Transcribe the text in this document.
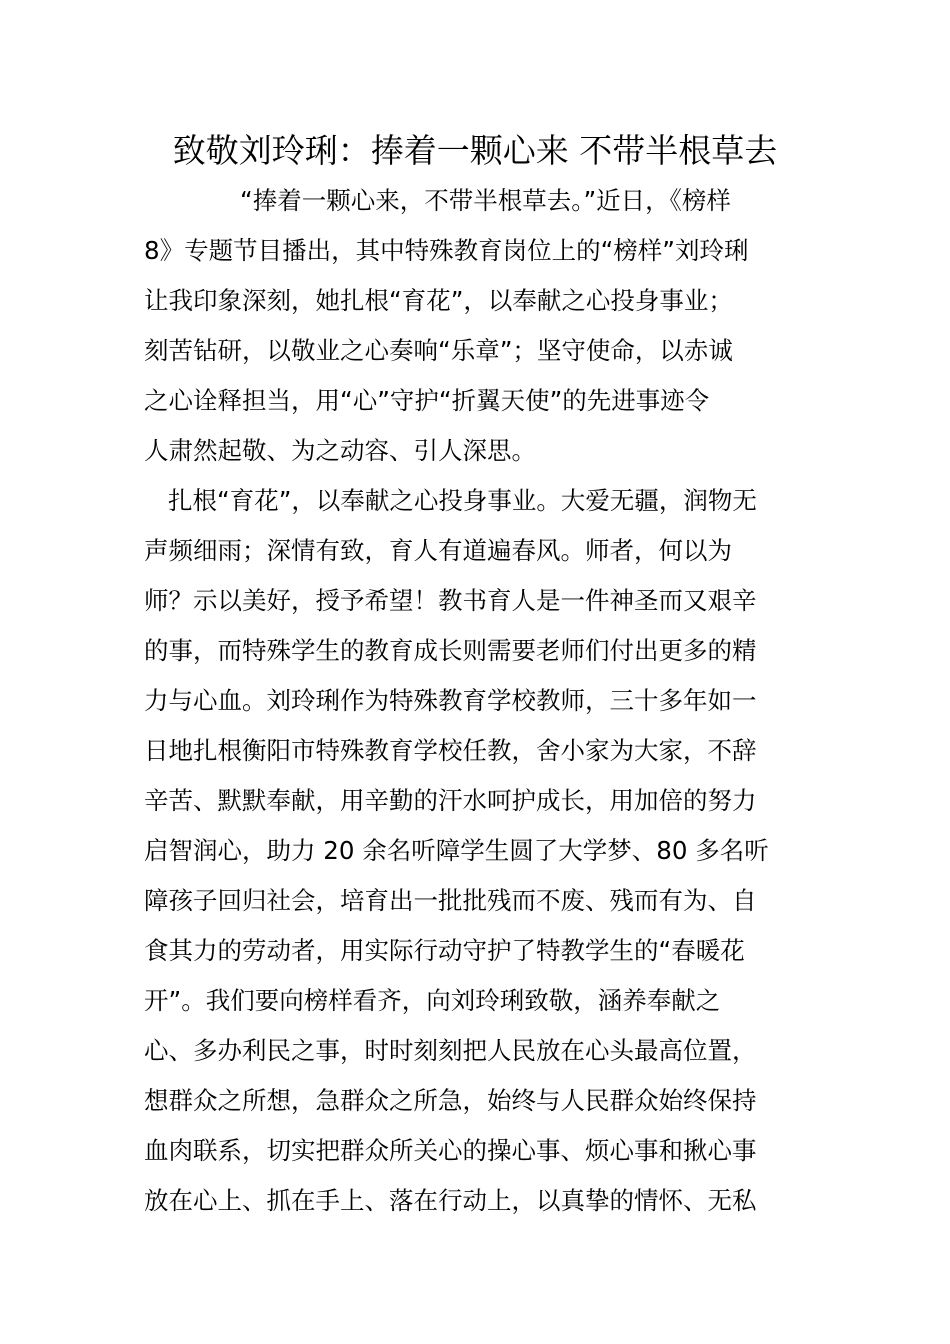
致敬刘玲琍：捧着一颗心来 不带半根草去
“捧着一颗心来，不带半根草去。”近日，《榜样
8》专题节目播出，其中特殊教育岗位上的“榜样”刘玲琍
让我印象深刻，她扎根“育花”，以奉献之心投身事业；
刻苦钻研，以敬业之心奏响“乐章”；坚守使命，以赤诚
之心诠释担当，用“心”守护“折翼天使”的先进事迹令
人肃然起敬、为之动容、引人深思。
扎根“育花”，以奉献之心投身事业。大爱无疆，润物无
声频细雨；深情有致，育人有道遍春风。师者，何以为
师？示以美好，授予希望！教书育人是一件神圣而又艰辛
的事，而特殊学生的教育成长则需要老师们付出更多的精
力与心血。刘玲琍作为特殊教育学校教师，三十多年如一
日地扎根衡阳市特殊教育学校任教，舍小家为大家，不辞
辛苦、默默奉献，用辛勤的汗水呵护成长，用加倍的努力
启智润心，助力 20 余名听障学生圆了大学梦、80 多名听
障孩子回归社会，培育出一批批残而不废、残而有为、自
食其力的劳动者，用实际行动守护了特教学生的“春暖花
开”。我们要向榜样看齐，向刘玲琍致敬，涵养奉献之
心、多办利民之事，时时刻刻把人民放在心头最高位置，
想群众之所想，急群众之所急，始终与人民群众始终保持
血肉联系，切实把群众所关心的操心事、烦心事和揪心事
放在心上、抓在手上、落在行动上，以真挚的情怀、无私
